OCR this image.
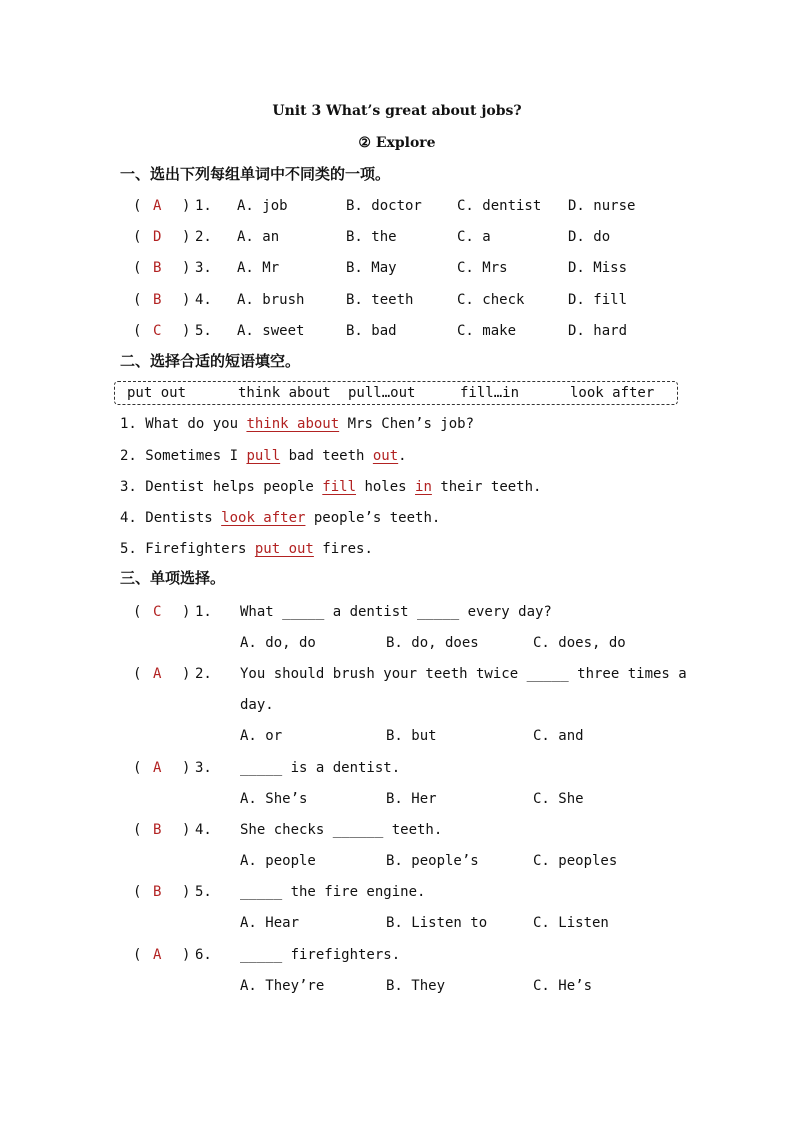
Unit 3 What’s great about jobs?
② Explore
一、选出下列每组单词中不同类的一项。
( A ) 1. A. job	B. doctor	C. dentist D. nurse
( D ) 2. A. an	B. the	C. a	D. do
( B ) 3. A. Mr	B. May	C. Mrs	D. Miss
( B ) 4. A. brush	B. teeth	C. check	D. fill
( C ) 5. A. sweet	B. bad	C. make	D. hard
二、选择合适的短语填空。
put out	think about pull…out	fill…in	look after
1. What do you think about Mrs Chen’s job?
2. Sometimes I pull bad teeth out.
3. Dentist helps people fill holes in their teeth.
4. Dentists look after people’s teeth.
5. Firefighters put out fires.
三、单项选择。
( C ) 1. What _____ a dentist _____ every day?
A. do, do	B. do, does	C. does, do
( A ) 2. You should brush your teeth twice _____ three times a
day.
A. or	B. but	C. and
( A ) 3. _____ is a dentist.
A. She’s	B. Her	C. She
( B ) 4. She checks ______ teeth.
A. people	B. people’s	C. peoples
( B ) 5. _____ the fire engine.
A. Hear	B. Listen to	C. Listen
( A ) 6. _____ firefighters.
A. They’re	B. They	C. He’s
